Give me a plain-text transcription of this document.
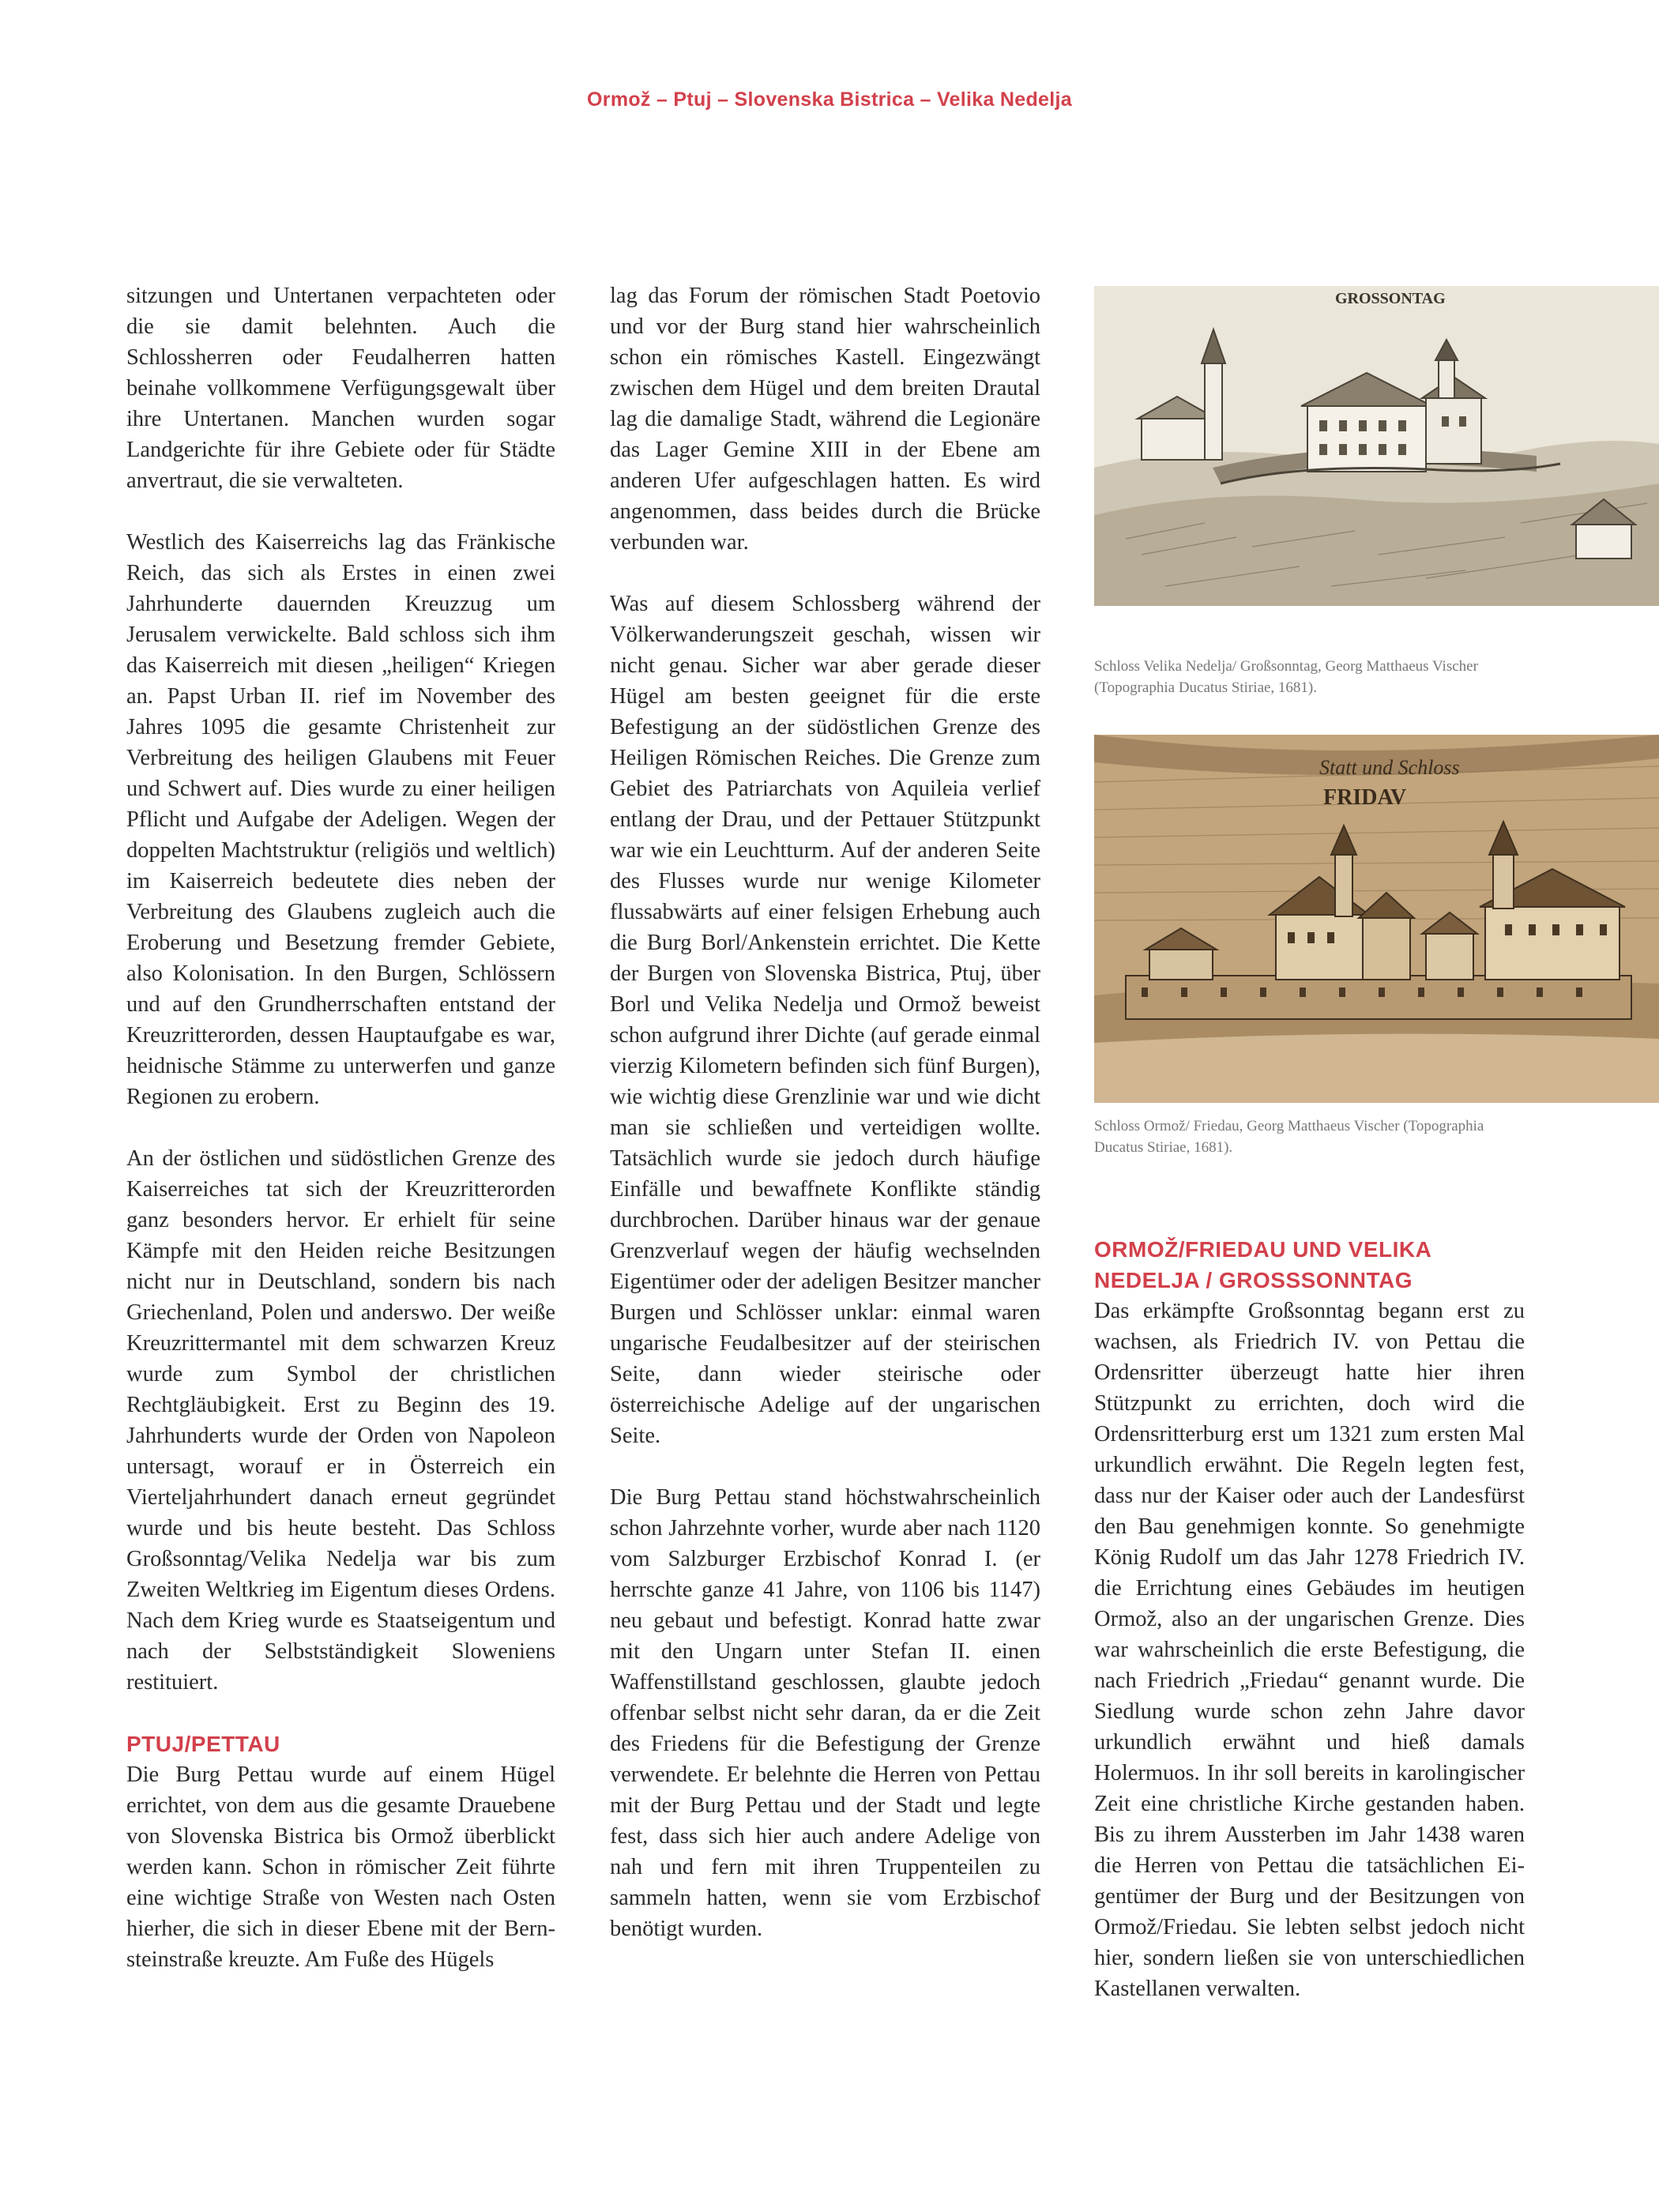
Ormož – Ptuj – Slovenska Bistrica – Velika Nedelja

sitzungen und Untertanen verpachteten oder die sie damit belehnten. Auch die Schlossherren oder Feudalherren hatten beinahe vollkommene Verfügungsgewalt über ihre Untertanen. Manchen wurden sogar Landgerichte für ihre Gebiete oder für Städte anvertraut, die sie verwalteten.

Westlich des Kaiserreichs lag das Fränkische Reich, das sich als Erstes in einen zwei Jahrhunderte dauernden Kreuzzug um Jerusalem verwickelte. Bald schloss sich ihm das Kaiserreich mit diesen „heiligen“ Kriegen an. Papst Urban II. rief im November des Jahres 1095 die gesamte Christenheit zur Verbreitung des heiligen Glaubens mit Feuer und Schwert auf. Dies wurde zu einer heiligen Pflicht und Aufgabe der Adeligen. Wegen der doppelten Machtstruktur (religiös und weltlich) im Kaiserreich bedeutete dies neben der Verbreitung des Glaubens zugleich auch die Eroberung und Besetzung fremder Gebiete, also Kolonisation. In den Burgen, Schlössern und auf den Grundherrschaften entstand der Kreuzritterorden, dessen Hauptaufgabe es war, heidnische Stämme zu unterwerfen und ganze Regionen zu erobern.

An der östlichen und südöstlichen Grenze des Kaiserreiches tat sich der Kreuzritterorden ganz besonders hervor. Er erhielt für seine Kämpfe mit den Heiden reiche Besitzungen nicht nur in Deutschland, sondern bis nach Griechenland, Polen und anderswo. Der weiße Kreuzrittermantel mit dem schwarzen Kreuz wurde zum Symbol der christlichen Rechtgläubigkeit. Erst zu Beginn des 19. Jahrhunderts wurde der Orden von Napoleon untersagt, worauf er in Österreich ein Vierteljahrhundert danach erneut gegründet wurde und bis heute besteht. Das Schloss Großsonntag/Velika Nedelja war bis zum Zweiten Weltkrieg im Eigentum dieses Ordens. Nach dem Krieg wurde es Staatseigentum und nach der Selbstständigkeit Sloweniens restituiert.

PTUJ/PETTAU

Die Burg Pettau wurde auf einem Hügel errichtet, von dem aus die gesamte Drauebene von Slovenska Bistrica bis Ormož überblickt werden kann. Schon in römischer Zeit führte eine wichtige Straße von Westen nach Osten hierher, die sich in dieser Ebene mit der Bernsteinstraße kreuzte. Am Fuße des Hügels

lag das Forum der römischen Stadt Poetovio und vor der Burg stand hier wahrscheinlich schon ein römisches Kastell. Eingezwängt zwischen dem Hügel und dem breiten Drautal lag die damalige Stadt, während die Legionäre das Lager Gemine XIII in der Ebene am anderen Ufer aufgeschlagen hatten. Es wird angenommen, dass beides durch die Brücke verbunden war.

Was auf diesem Schlossberg während der Völkerwanderungszeit geschah, wissen wir nicht genau. Sicher war aber gerade dieser Hügel am besten geeignet für die erste Befestigung an der südöstlichen Grenze des Heiligen Römischen Reiches. Die Grenze zum Gebiet des Patriarchats von Aquileia verlief entlang der Drau, und der Pettauer Stützpunkt war wie ein Leuchtturm. Auf der anderen Seite des Flusses wurde nur wenige Kilometer flussabwärts auf einer felsigen Erhebung auch die Burg Borl/Ankenstein errichtet. Die Kette der Burgen von Slovenska Bistrica, Ptuj, über Borl und Velika Nedelja und Ormož beweist schon aufgrund ihrer Dichte (auf gerade einmal vierzig Kilometern befinden sich fünf Burgen), wie wichtig diese Grenzlinie war und wie dicht man sie schließen und verteidigen wollte. Tatsächlich wurde sie jedoch durch häufige Einfälle und bewaffnete Konflikte ständig durchbrochen. Darüber hinaus war der genaue Grenzverlauf wegen der häufig wechselnden Eigentümer oder der adeligen Besitzer mancher Burgen und Schlösser unklar: einmal waren ungarische Feudalbesitzer auf der steirischen Seite, dann wieder steirische oder österreichische Adelige auf der ungarischen Seite.

Die Burg Pettau stand höchstwahrscheinlich schon Jahrzehnte vorher, wurde aber nach 1120 vom Salzburger Erzbischof Konrad I. (er herrschte ganze 41 Jahre, von 1106 bis 1147) neu gebaut und befestigt. Konrad hatte zwar mit den Ungarn unter Stefan II. einen Waffenstillstand geschlossen, glaubte jedoch offenbar selbst nicht sehr daran, da er die Zeit des Friedens für die Befestigung der Grenze verwendete. Er belehnte die Herren von Pettau mit der Burg Pettau und der Stadt und legte fest, dass sich hier auch andere Adelige von nah und fern mit ihren Truppenteilen zu sammeln hatten, wenn sie vom Erzbischof benötigt wurden.

GROSSONTAG
Schloss Velika Nedelja/ Großsonntag, Georg Matthaeus Vischer (Topographia Ducatus Stiriae, 1681).
Statt und Schloss
FRIDAV
Schloss Ormož/ Friedau, Georg Matthaeus Vischer (Topographia Ducatus Stiriae, 1681).
ORMOŽ/FRIEDAU UND VELIKA NEDELJA / GROSSSONNTAG

Das erkämpfte Großsonntag begann erst zu wachsen, als Friedrich IV. von Pettau die Ordensritter überzeugt hatte hier ihren Stützpunkt zu errichten, doch wird die Ordensritterburg erst um 1321 zum ersten Mal urkundlich erwähnt. Die Regeln legten fest, dass nur der Kaiser oder auch der Landesfürst den Bau genehmigen konnte. So genehmigte König Rudolf um das Jahr 1278 Friedrich IV. die Errichtung eines Gebäudes im heutigen Ormož, also an der ungarischen Grenze. Dies war wahrscheinlich die erste Befestigung, die nach Friedrich „Friedau“ genannt wurde. Die Siedlung wurde schon zehn Jahre davor urkundlich erwähnt und hieß damals Holermuos. In ihr soll bereits in karolingischer Zeit eine christliche Kirche gestanden haben. Bis zu ihrem Aussterben im Jahr 1438 waren die Herren von Pettau die tatsächlichen Eigentümer der Burg und der Besitzungen von Ormož/Friedau. Sie lebten selbst jedoch nicht hier, sondern ließen sie von unterschiedlichen Kastellanen verwalten.
